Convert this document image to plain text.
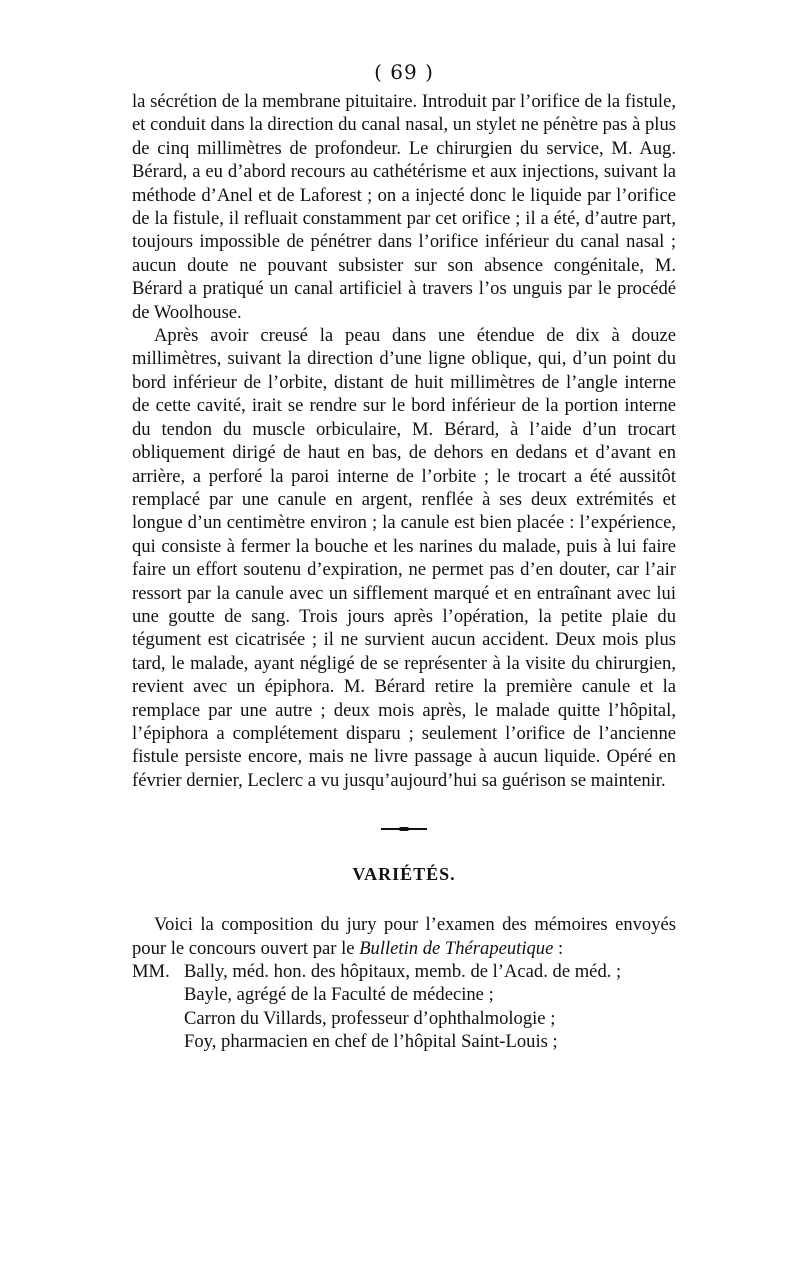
( 69 )

la sécrétion de la membrane pituitaire. Introduit par l’orifice de la fistule, et conduit dans la direction du canal nasal, un stylet ne pénètre pas à plus de cinq millimètres de profondeur. Le chirurgien du service, M. Aug. Bérard, a eu d’abord recours au cathétérisme et aux injections, suivant la méthode d’Anel et de Laforest ; on a injecté donc le liquide par l’orifice de la fistule, il refluait constamment par cet orifice ; il a été, d’autre part, toujours impossible de pénétrer dans l’orifice inférieur du canal nasal ; aucun doute ne pouvant subsister sur son absence congénitale, M. Bérard a pratiqué un canal artificiel à travers l’os unguis par le procédé de Woolhouse.

Après avoir creusé la peau dans une étendue de dix à douze millimètres, suivant la direction d’une ligne oblique, qui, d’un point du bord inférieur de l’orbite, distant de huit millimètres de l’angle interne de cette cavité, irait se rendre sur le bord inférieur de la portion interne du tendon du muscle orbiculaire, M. Bérard, à l’aide d’un trocart obliquement dirigé de haut en bas, de dehors en dedans et d’avant en arrière, a perforé la paroi interne de l’orbite ; le trocart a été aussitôt remplacé par une canule en argent, renflée à ses deux extrémités et longue d’un centimètre environ ; la canule est bien placée : l’expérience, qui consiste à fermer la bouche et les narines du malade, puis à lui faire faire un effort soutenu d’expiration, ne permet pas d’en douter, car l’air ressort par la canule avec un sifflement marqué et en entraînant avec lui une goutte de sang. Trois jours après l’opération, la petite plaie du tégument est cicatrisée ; il ne survient aucun accident. Deux mois plus tard, le malade, ayant négligé de se représenter à la visite du chirurgien, revient avec un épiphora. M. Bérard retire la première canule et la remplace par une autre ; deux mois après, le malade quitte l’hôpital, l’épiphora a complétement disparu ; seulement l’orifice de l’ancienne fistule persiste encore, mais ne livre passage à aucun liquide. Opéré en février dernier, Leclerc a vu jusqu’aujourd’hui sa guérison se maintenir.

VARIÉTÉS.

Voici la composition du jury pour l’examen des mémoires envoyés pour le concours ouvert par le Bulletin de Thérapeutique :

MM. Bally, méd. hon. des hôpitaux, memb. de l’Acad. de méd. ;
Bayle, agrégé de la Faculté de médecine ;
Carron du Villards, professeur d’ophthalmologie ;
Foy, pharmacien en chef de l’hôpital Saint-Louis ;
